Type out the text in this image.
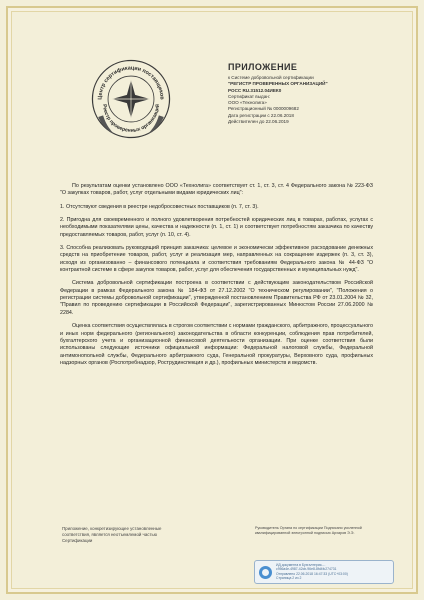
Центр сертификации поставщиков
Реестр проверенных организаций
ПРИЛОЖЕНИЕ
к Системе добровольной сертификации
"РЕГИСТР ПРОВЕРЕННЫХ ОРГАНИЗАЦИЙ"
РОСС RU.31512.04ИЕК0
Сертификат выдан:
ООО «Технолига»
Регистрационный № 0000009682
Дата регистрации с 22.06.2018
Действителен до 22.06.2019

По результатам оценки установлено ООО «Технолига» соответствует ст. 1, ст. 3, ст. 4 Федерального закона № 223-ФЗ "О закупках товаров, работ, услуг отдельными видами юридических лиц":

1. Отсутствуют сведения в реестре недобросовестных поставщиков (п. 7, ст. 3).

2. Пригодна для своевременного и полного удовлетворения потребностей юридических лиц в товарах, работах, услугах с необходимыми показателями цены, качества и надежности (п. 1, ст. 1) и соответствует потребностям заказчика по качеству предоставляемых товаров, работ, услуг (п. 10, ст. 4).

3. Способна реализовать руководящий принцип заказчика: целевое и экономически эффективное расходование денежных средств на приобретение товаров, работ, услуг и реализация мер, направленных на сокращение издержек (п. 3, ст. 3), исходя из организованно – финансового потенциала и соответствия требованиям Федерального закона № 44-ФЗ "О контрактной системе в сфере закупок товаров, работ, услуг для обеспечения государственных и муниципальных нужд".

Система добровольной сертификации построена в соответствии с действующим законодательством Российской Федерации в рамках Федерального закона № 184-ФЗ от 27.12.2002 "О техническом регулировании", "Положения о регистрации системы добровольной сертификации", утвержденной постановлением Правительства РФ от 23.01.2004 № 32, "Правил по проведению сертификации в Российской Федерации", зарегистрированных Минюстом России 27.06.2000 № 2284.

Оценка соответствия осуществлялась в строгом соответствии с нормами гражданского, арбитражного, процессуального и иных норм федерального (регионального) законодательства в области конкуренции, соблюдения прав потребителей, бухгалтерского учета и организационной финансовой деятельности организации. При оценке соответствия были использованы следующие источники официальной информации: Федеральной налоговой службы, Федеральной антимонопольной службы, Федерального арбитражного суда, Генеральной прокуратуры, Верховного суда, профильных надзорных органов (Роспотребнадзор, Рострудинспекция и др.), профильных министерств и ведомств.

Приложение, конкретизирующее установленные соответствия, является неотъемлемой частью Сертификации
Руководитель Органа по сертификации Подписано усиленной квалифицированной электронной подписью Архаров Э.Э.
ИД документа в Бухгалтерия-...
c956a4e-4987-42cb-96e8-8fd4fc274731
Отправлено 22.06.2018 16:47:33 (UTC+03:00)
Страница 2 из 2
